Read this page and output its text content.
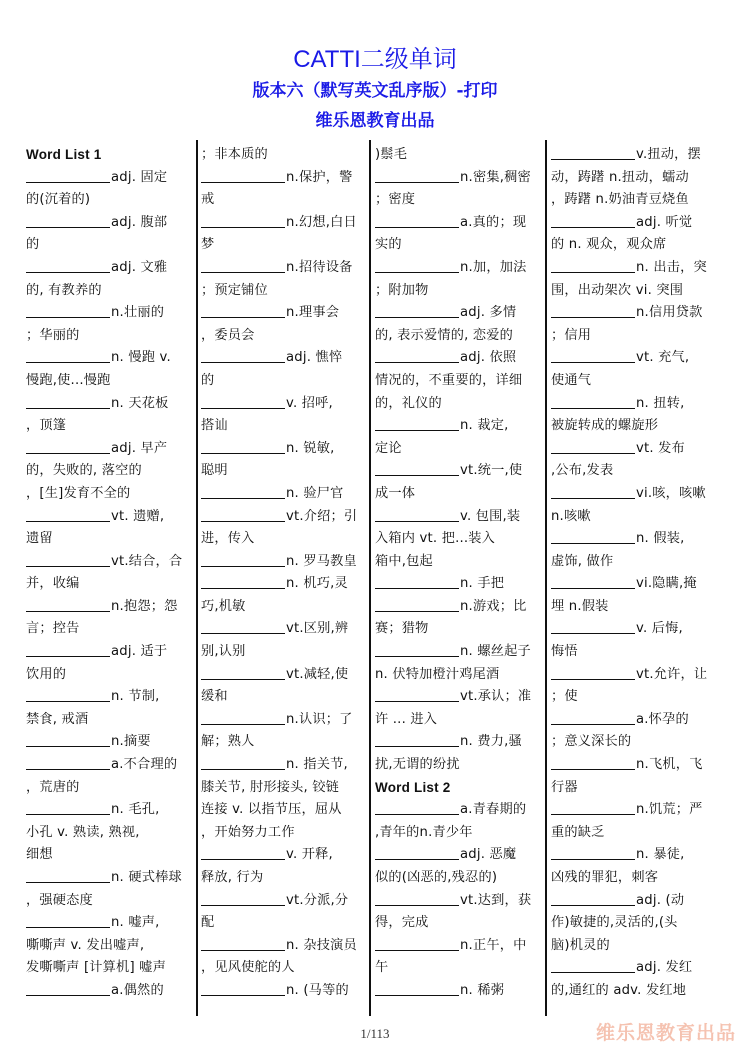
CATTI二级单词
版本六（默写英文乱序版）-打印
维乐恩教育出品
Word List 1
adj. 固定
的(沉着的)
adj. 腹部
的
adj. 文雅
的, 有教养的
n.壮丽的
；华丽的
n. 慢跑 v.
慢跑,使...慢跑
n. 天花板
，顶篷
adj. 早产
的，失败的, 落空的
，[生]发育不全的
vt. 遗赠,
遗留
vt.结合，合
并，收编
n.抱怨；怨
言；控告
adj. 适于
饮用的
n. 节制,
禁食, 戒酒
n.摘要
a.不合理的
，荒唐的
n. 毛孔,
小孔 v. 熟读, 熟视,
细想
n. 硬式棒球
，强硬态度
n. 嘘声,
嘶嘶声 v. 发出嘘声,
发嘶嘶声 [计算机] 嘘声
a.偶然的
；非本质的
n.保护，警
戒
n.幻想,白日
梦
n.招待设备
；预定铺位
n.理事会
，委员会
adj. 憔悴
的
v. 招呼,
搭讪
n. 锐敏,
聪明
n. 验尸官
vt.介绍；引
进，传入
n. 罗马教皇
n. 机巧,灵
巧,机敏
vt.区别,辨
别,认别
vt.减轻,使
缓和
n.认识；了
解；熟人
n. 指关节,
膝关节, 肘形接头, 铰链
连接 v. 以指节压，屈从
，开始努力工作
v. 开释,
释放, 行为
vt.分派,分
配
n. 杂技演员
，见风使舵的人
n. (马等的
)鬃毛
n.密集,稠密
；密度
a.真的；现
实的
n.加，加法
；附加物
adj. 多情
的, 表示爱情的, 恋爱的
adj. 依照
情况的，不重要的，详细
的，礼仪的
n. 裁定,
定论
vt.统一,使
成一体
v. 包围,装
入箱内 vt. 把...装入
箱中,包起
n. 手把
n.游戏；比
赛；猎物
n. 螺丝起子
n. 伏特加橙汁鸡尾酒
vt.承认；准
许 ... 进入
n. 费力,骚
扰,无谓的纷扰
Word List 2
a.青春期的
,青年的n.青少年
adj. 恶魔
似的(凶恶的,残忍的)
vt.达到，获
得，完成
n.正午，中
午
n. 稀粥
v.扭动，摆
动，踌躇 n.扭动，蠕动
，踌躇 n.奶油青豆烧鱼
adj. 听觉
的 n. 观众，观众席
n. 出击，突
围，出动架次 vi. 突围
n.信用贷款
；信用
vt. 充气,
使通气
n. 扭转,
被旋转成的螺旋形
vt. 发布
,公布,发表
vi.咳，咳嗽
n.咳嗽
n. 假装,
虚饰, 做作
vi.隐瞒,掩
埋 n.假装
v. 后悔,
悔悟
vt.允许，让
；使
a.怀孕的
；意义深长的
n.飞机，飞
行器
n.饥荒；严
重的缺乏
n. 暴徒,
凶残的罪犯，刺客
adj. (动
作)敏捷的,灵活的,(头
脑)机灵的
adj. 发红
的,通红的 adv. 发红地
1/113	维乐恩教育出品
